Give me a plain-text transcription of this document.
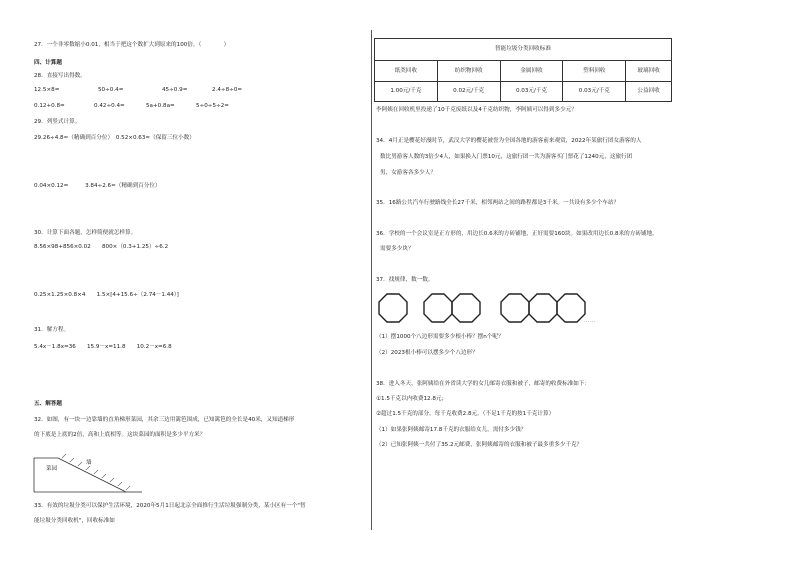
27．一个非零数缩小0.01，相当于把这个数扩大到原来的100倍。（　　　　）
四、计算题
28．直接写出得数。
12.5×8=	50÷0.4=	45÷0.9=	2.4÷8÷0=
0.12+0.8=	0.42÷0.4=	5a+0.8a=	5÷0÷5÷2=
29．列竖式计算。
29.26÷4.8≈（精确到百分位）　0.52×0.63≈（保留三位小数）
0.04×0.12=　　　3.84÷2.6≈（精确到百分位）
30．计算下面各题，怎样简便就怎样算。
8.56×98+856×0.02　　800×（0.3+1.25）÷6.2
0.25×1.25×0.8×4　　1.5×[4+15.6÷（2.74－1.44）]
31．解方程。
5.4x－1.8x=36　　15.9－x=11.8　　10.2－x=6.8
五、解答题
32．如图，有一块一边靠墙的直角梯形菜园，其余三边用篱笆围成，已知篱笆的全长是40米，又知道梯形
的下底是上底的2倍，高和上底相等。这块菜园的面积是多少平方米？
墙
菜园
33．有效的垃圾分类可以保护生活环境，2020年5月1日起北京全面推行生活垃圾强制分类，某小区有一个"智
能垃圾分类回收机"，回收标准如
智能垃圾分类回收标准				
纸类回收	纺织物回收	金属回收	塑料回收	玻璃回收
1.00元/千克	0.02元/千克	0.03元/千克	0.03元/千克	公益回收
李阿姨在回收机里投递了10千克废纸以及4千克纺织物，李阿姨可以得到多少元？
34．4月正是樱花好漫时节，武汉大学的樱花被誉为全国各地的游客前来观赏，2022年某旅行团女游客的人
数比男游客人数的3倍少4人，如果换入门票10元，这旅行团一共为游客买门票花了1240元，这旅行团
男、女游客各多少人？
35．16路公共汽车行驶路线全长27千米，相邻两站之间的路程都是3千米。一共设有多少个车站？
36．学校的一个会议室是正方形的，用边长0.6米的方砖铺地，正好需要160块。如果改用边长0.8米的方砖铺地，
需要多少块？
37．找规律，数一数。
……
（1）摆1000个八边形需要多少根小棒？摆n个呢？
（2）2023根小棒可以摆多少个八边形？
38．进入冬天，张阿姨给在外省读大学的女儿邮寄衣服和被子，邮寄的收费标准如下：
①1.5千克以内收费12.8元；
②超过1.5千克的部分，每千克收费2.8元。（不足1千克的按1千克计算）
（1）如果张阿姨邮寄17.8千克的衣服给女儿，需付多少钱？
（2）已知张阿姨一共付了35.2元邮费，张阿姨邮寄的衣服和被子最多重多少千克？
